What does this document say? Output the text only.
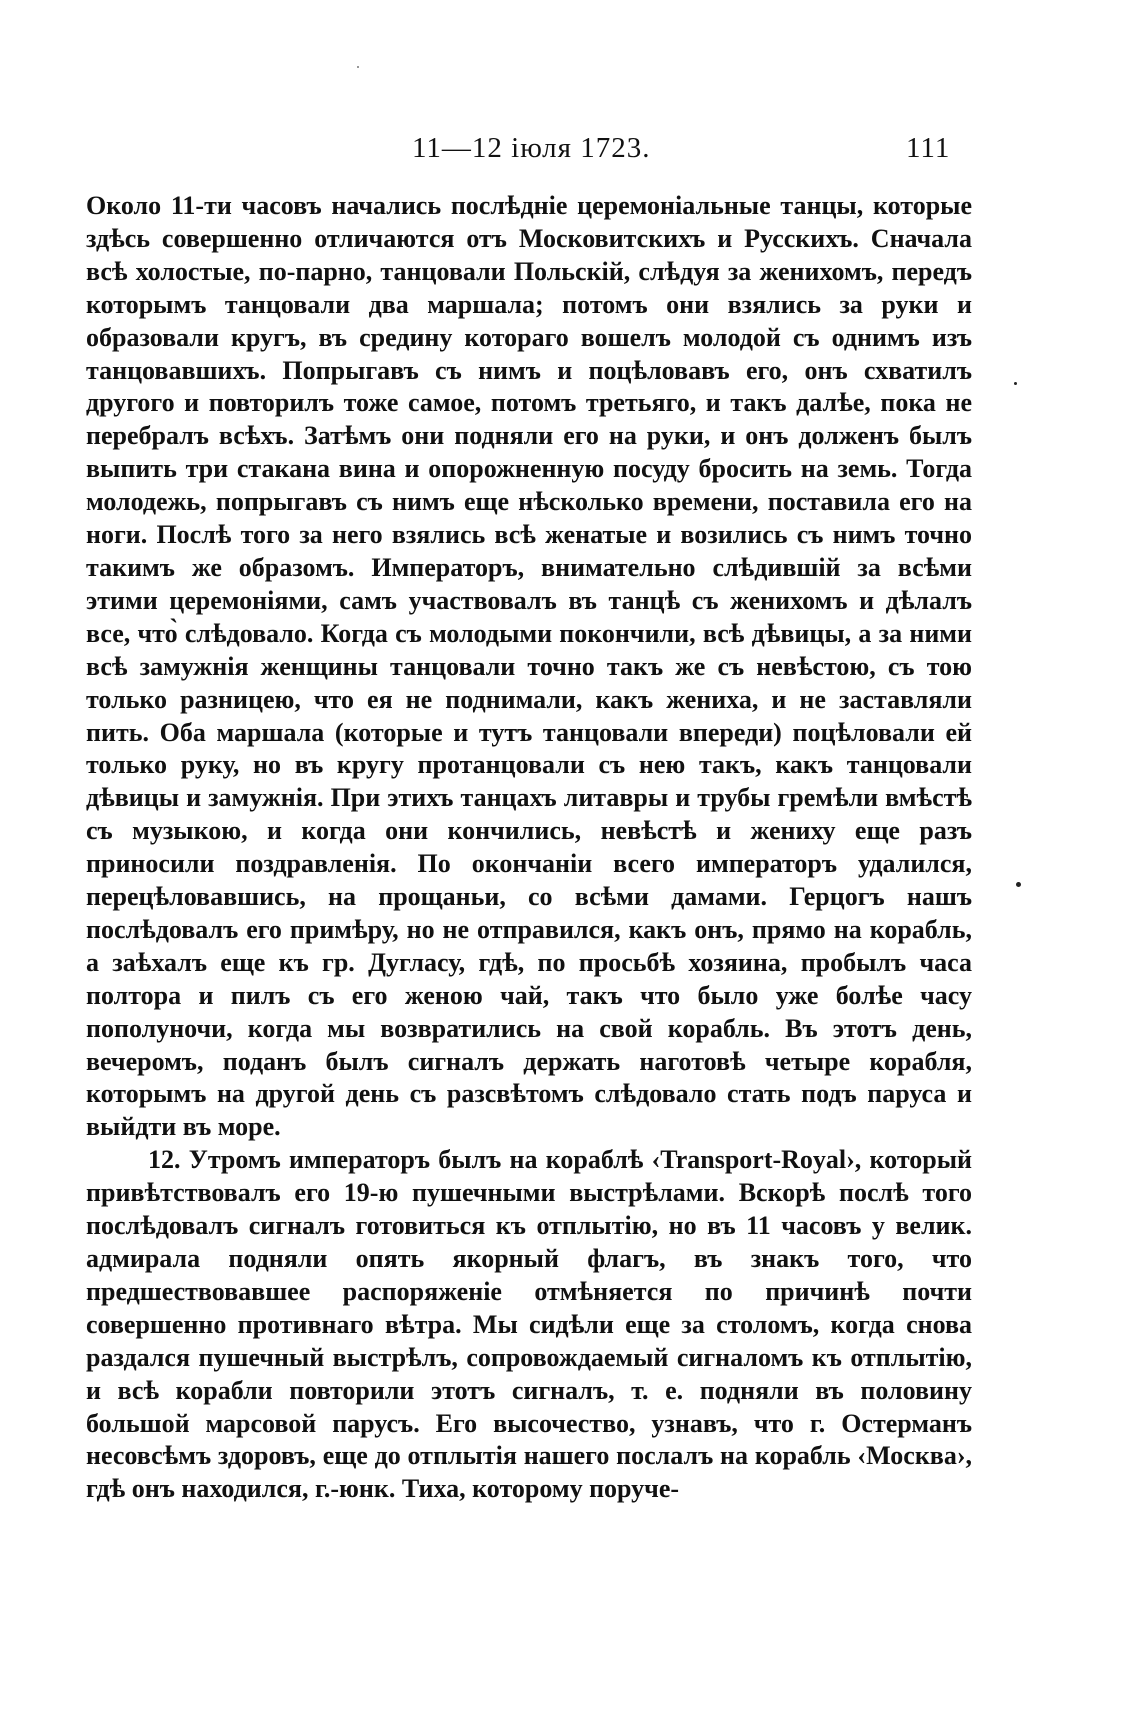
11—12 іюля 1723.	111

Около 11-ти часовъ начались послѣдніе церемоніальные танцы, которые здѣсь совершенно отличаются отъ Московитскихъ и Русскихъ. Сначала всѣ холостые, по-парно, танцовали Польскій, слѣдуя за женихомъ, передъ которымъ танцовали два маршала; потомъ они взялись за руки и образовали кругъ, въ средину котораго вошелъ молодой съ однимъ изъ танцовавшихъ. Попрыгавъ съ нимъ и поцѣловавъ его, онъ схватилъ другого и повторилъ тоже самое, потомъ третьяго, и такъ далѣе, пока не перебралъ всѣхъ. Затѣмъ они подняли его на руки, и онъ долженъ былъ выпить три стакана вина и опорожненную посуду бросить на земь. Тогда молодежь, попрыгавъ съ нимъ еще нѣсколько времени, поставила его на ноги. Послѣ того за него взялись всѣ женатые и возились съ нимъ точно такимъ же образомъ. Императоръ, внимательно слѣдившій за всѣми этими церемоніями, самъ участвовалъ въ танцѣ съ женихомъ и дѣлалъ все, что̀ слѣдовало. Когда съ молодыми покончили, всѣ дѣвицы, а за ними всѣ замужнія женщины танцовали точно такъ же съ невѣстою, съ тою только разницею, что ея не поднимали, какъ жениха, и не заставляли пить. Оба маршала (которые и тутъ танцовали впереди) поцѣловали ей только руку, но въ кругу протанцовали съ нею такъ, какъ танцовали дѣвицы и замужнія. При этихъ танцахъ литавры и трубы гремѣли вмѣстѣ съ музыкою, и когда они кончились, невѣстѣ и жениху еще разъ приносили поздравленія. По окончаніи всего императоръ удалился, перецѣловавшись, на прощаньи, со всѣми дамами. Герцогъ нашъ послѣдовалъ его примѣру, но не отправился, какъ онъ, прямо на корабль, а заѣхалъ еще къ гр. Дугласу, гдѣ, по просьбѣ хозяина, пробылъ часа полтора и пилъ съ его женою чай, такъ что было уже болѣе часу пополуночи, когда мы возвратились на свой корабль. Въ этотъ день, вечеромъ, поданъ былъ сигналъ держать наготовѣ четыре корабля, которымъ на другой день съ разсвѣтомъ слѣдовало стать подъ паруса и выйдти въ море.

12. Утромъ императоръ былъ на кораблѣ ‹Transport-Royal›, который привѣтствовалъ его 19-ю пушечными выстрѣлами. Вскорѣ послѣ того послѣдовалъ сигналъ готовиться къ отплытію, но въ 11 часовъ у велик. адмирала подняли опять якорный флагъ, въ знакъ того, что предшествовавшее распоряженіе отмѣняется по причинѣ почти совершенно противнаго вѣтра. Мы сидѣли еще за столомъ, когда снова раздался пушечный выстрѣлъ, сопровождаемый сигналомъ къ отплытію, и всѣ корабли повторили этотъ сигналъ, т. е. подняли въ половину большой марсовой парусъ. Его высочество, узнавъ, что г. Остерманъ несовсѣмъ здоровъ, еще до отплытія нашего послалъ на корабль ‹Москва›, гдѣ онъ находился, г.-юнк. Тиха, которому поруче-
